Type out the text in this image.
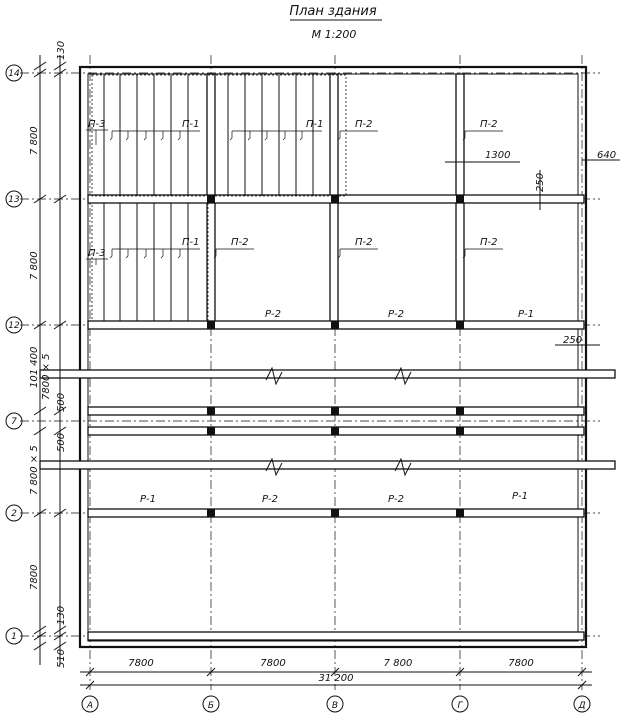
План здания
М 1:200
П-3
П-3
П-1	П-1
П-1
П-2	П-2
П-2	П-2	П-2
Р-2	Р-2	Р-1
Р-1	Р-2	Р-2	Р-1
130
7 800
7 800
101 400 7800 × 5
500
500
7 800 × 5
7800
130
510
640
1300
250
250
7800	7800	7 800	7800
31 200
А	Б	В	Г	Д
14
13
12
7
2
1
